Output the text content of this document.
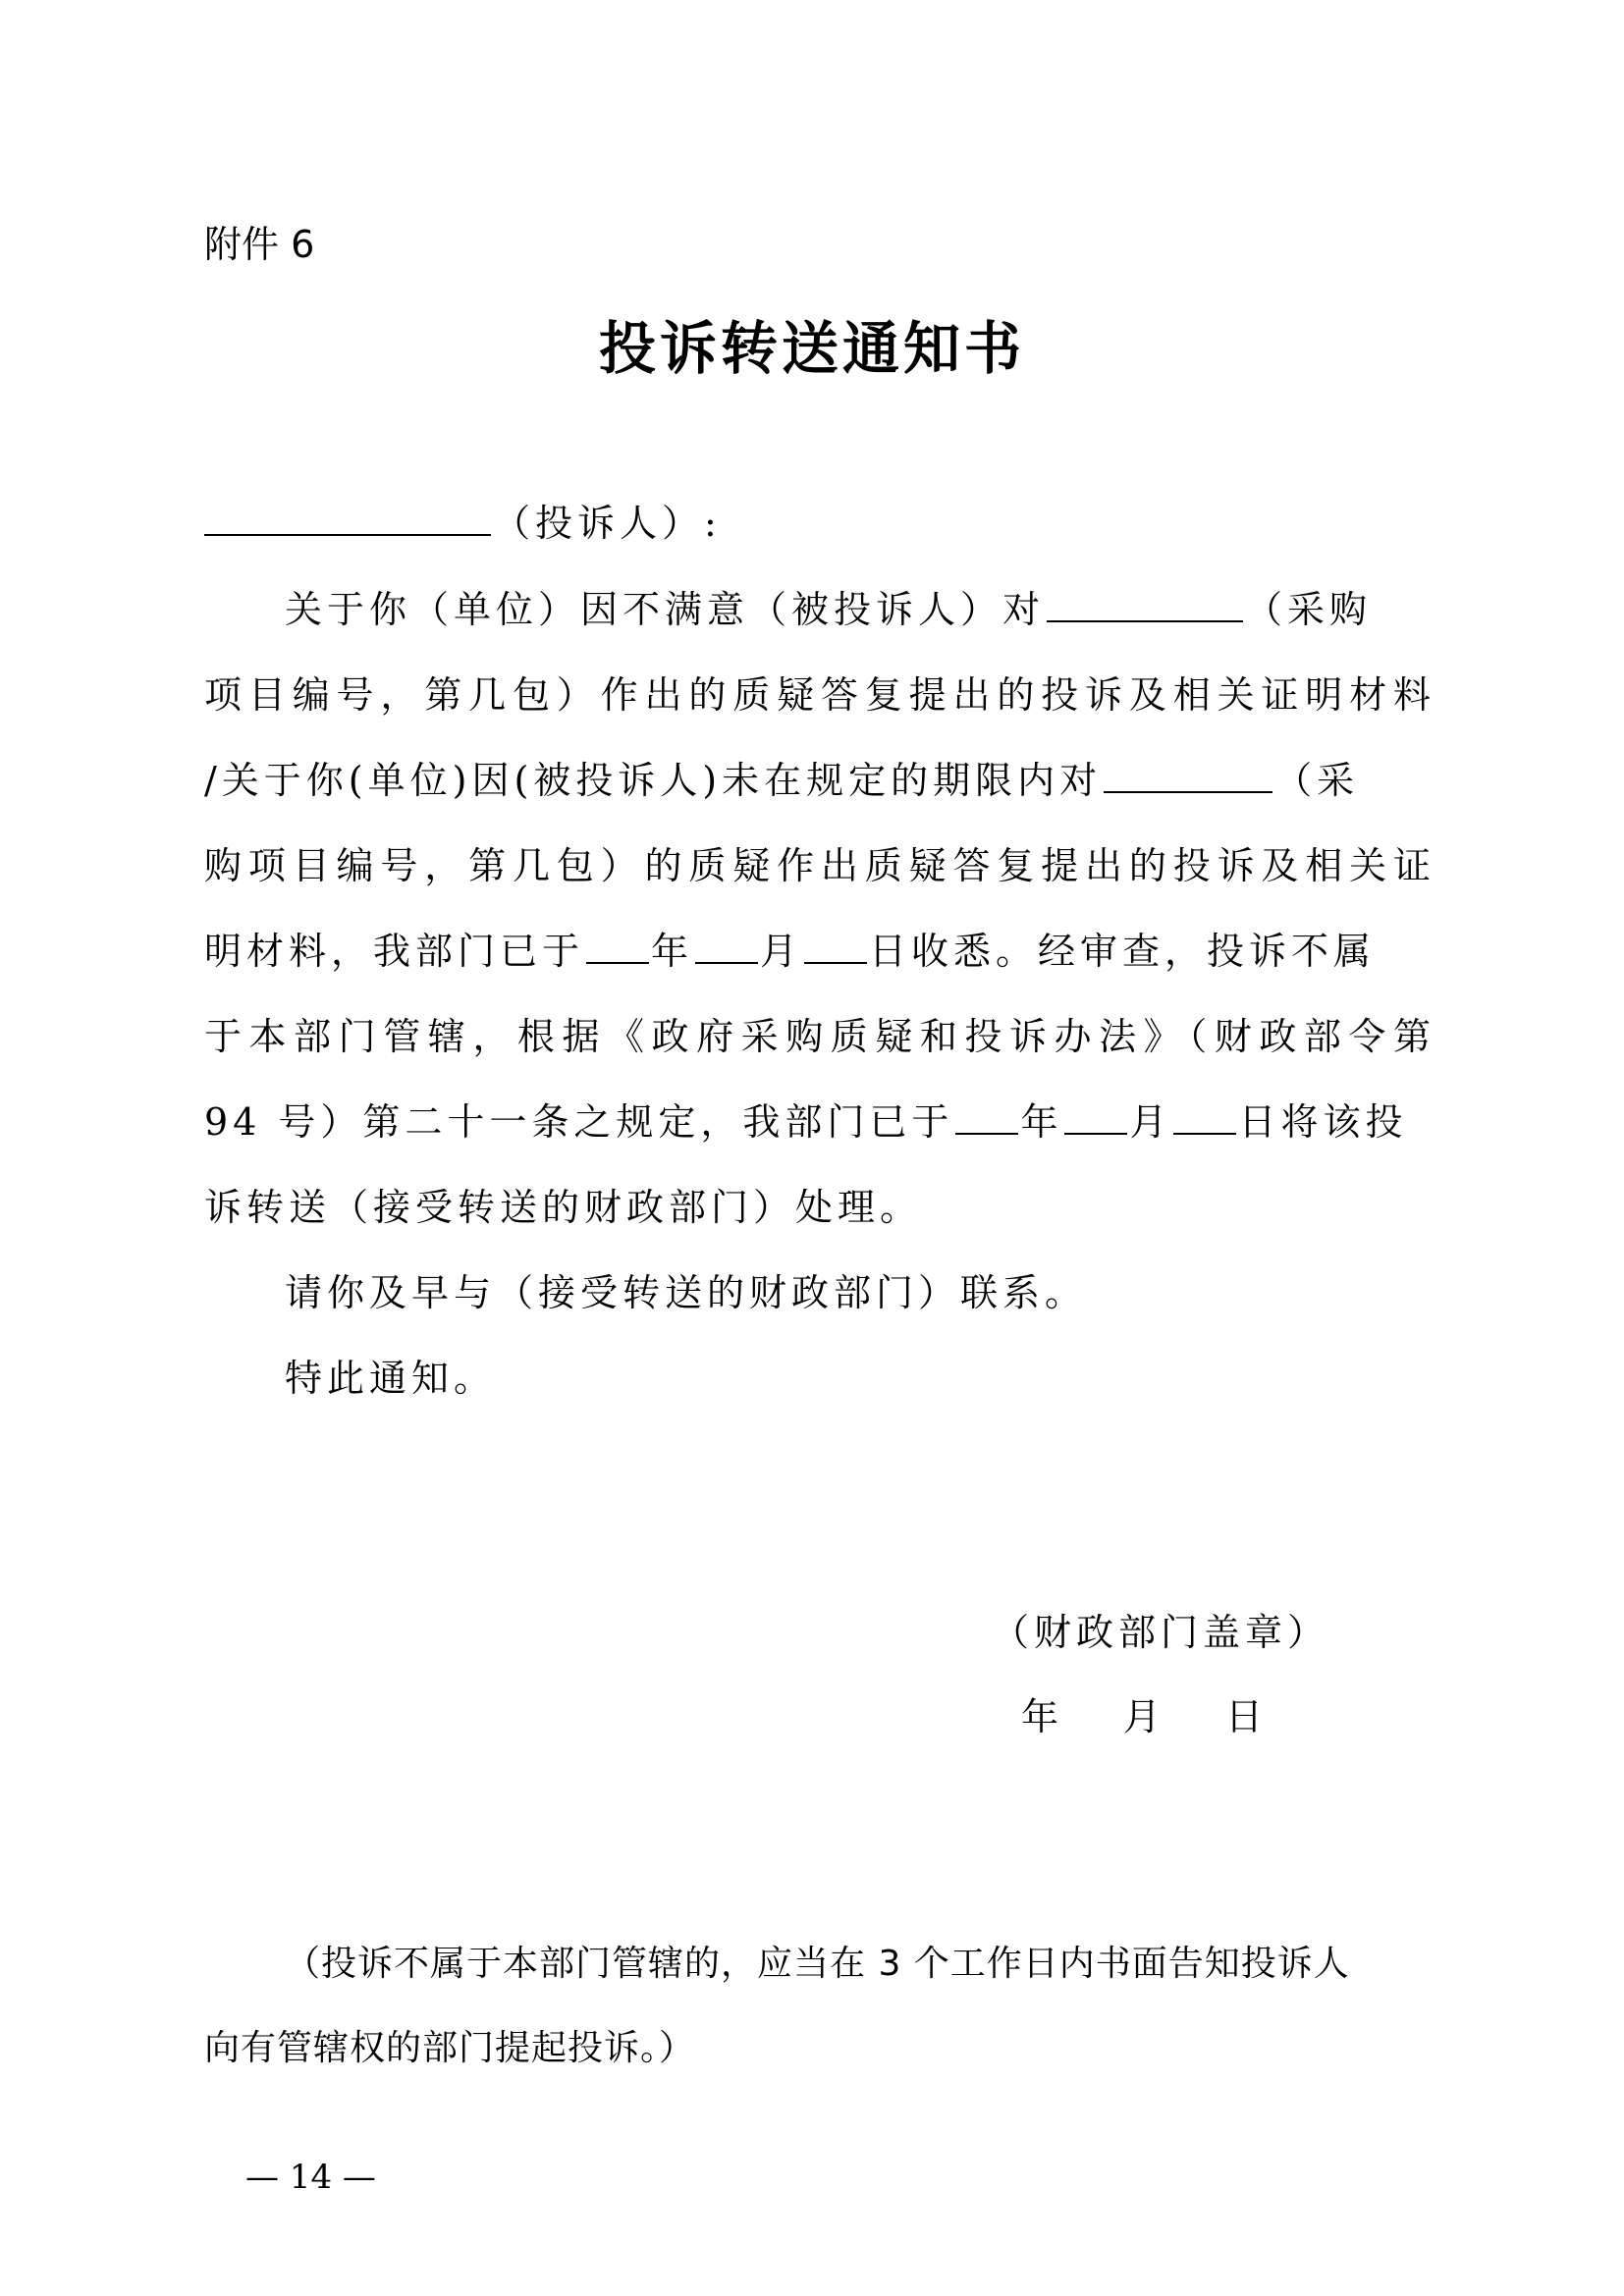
附件 6
投诉转送通知书
（投诉人）:
关于你（单位）因不满意（被投诉人）对	（采购
项目编号，第几包）作出的质疑答复提出的投诉及相关证明材料
/关于你(单位)因(被投诉人)未在规定的期限内对	（采
购项目编号，第几包）的质疑作出质疑答复提出的投诉及相关证
明材料，我部门已于 年 月 日收悉。经审查，投诉不属
于本部门管辖，根据《政府采购质疑和投诉办法》（财政部令第
94 号）第二十一条之规定，我部门已于 年 月 日将该投
诉转送（接受转送的财政部门）处理。
请你及早与（接受转送的财政部门）联系。
特此通知。
（财政部门盖章）
年 月 日
（投诉不属于本部门管辖的，应当在 3 个工作日内书面告知投诉人
向有管辖权的部门提起投诉。）
— 14 —
